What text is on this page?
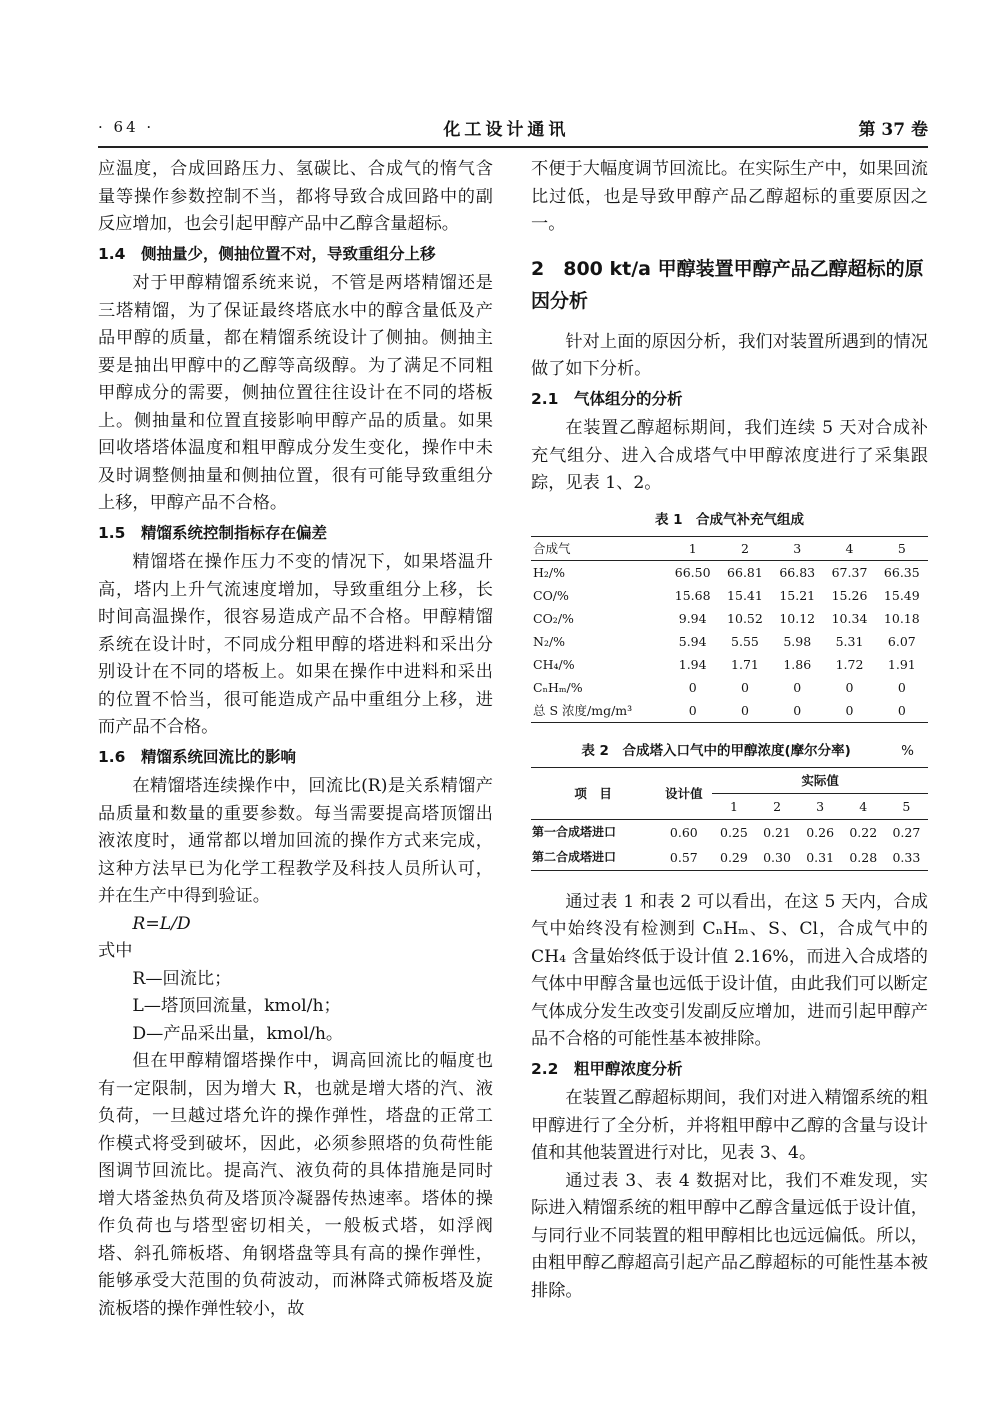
· 64 ·	化工设计通讯	第 37 卷

应温度，合成回路压力、氢碳比、合成气的惰气含量等操作参数控制不当，都将导致合成回路中的副反应增加，也会引起甲醇产品中乙醇含量超标。

1.4　侧抽量少，侧抽位置不对，导致重组分上移

对于甲醇精馏系统来说，不管是两塔精馏还是三塔精馏，为了保证最终塔底水中的醇含量低及产品甲醇的质量，都在精馏系统设计了侧抽。侧抽主要是抽出甲醇中的乙醇等高级醇。为了满足不同粗甲醇成分的需要，侧抽位置往往设计在不同的塔板上。侧抽量和位置直接影响甲醇产品的质量。如果回收塔塔体温度和粗甲醇成分发生变化，操作中未及时调整侧抽量和侧抽位置，很有可能导致重组分上移，甲醇产品不合格。

1.5　精馏系统控制指标存在偏差

精馏塔在操作压力不变的情况下，如果塔温升高，塔内上升气流速度增加，导致重组分上移，长时间高温操作，很容易造成产品不合格。甲醇精馏系统在设计时，不同成分粗甲醇的塔进料和采出分别设计在不同的塔板上。如果在操作中进料和采出的位置不恰当，很可能造成产品中重组分上移，进而产品不合格。

1.6　精馏系统回流比的影响

在精馏塔连续操作中，回流比(R)是关系精馏产品质量和数量的重要参数。每当需要提高塔顶馏出液浓度时，通常都以增加回流的操作方式来完成，这种方法早已为化学工程教学及科技人员所认可，并在生产中得到验证。

R=L/D

式中

R—回流比；

L—塔顶回流量，kmol/h；

D—产品采出量，kmol/h。

但在甲醇精馏塔操作中，调高回流比的幅度也有一定限制，因为增大 R，也就是增大塔的汽、液负荷，一旦越过塔允许的操作弹性，塔盘的正常工作模式将受到破坏，因此，必须参照塔的负荷性能图调节回流比。提高汽、液负荷的具体措施是同时增大塔釜热负荷及塔顶冷凝器传热速率。塔体的操作负荷也与塔型密切相关，一般板式塔，如浮阀塔、斜孔筛板塔、角钢塔盘等具有高的操作弹性，能够承受大范围的负荷波动，而淋降式筛板塔及旋流板塔的操作弹性较小，故

不便于大幅度调节回流比。在实际生产中，如果回流比过低，也是导致甲醇产品乙醇超标的重要原因之一。

2　800 kt/a 甲醇装置甲醇产品乙醇超标的原因分析

针对上面的原因分析，我们对装置所遇到的情况做了如下分析。

2.1　气体组分的分析

在装置乙醇超标期间，我们连续 5 天对合成补充气组分、进入合成塔气中甲醇浓度进行了采集跟踪，见表 1、2。

表 1　合成气补充气组成
合成气	1	2	3	4	5
H₂/%	66.50	66.81	66.83	67.37	66.35
CO/%	15.68	15.41	15.21	15.26	15.49
CO₂/%	9.94	10.52	10.12	10.34	10.18
N₂/%	5.94	5.55	5.98	5.31	6.07
CH₄/%	1.94	1.71	1.86	1.72	1.91
CₙHₘ/%	0	0	0	0	0
总 S 浓度/mg/m³	0	0	0	0	0
表 2　合成塔入口气中的甲醇浓度(摩尔分率)	%
项　目	设计值	实际值				
		1	2	3	4	5
第一合成塔进口	0.60	0.25	0.21	0.26	0.22	0.27
第二合成塔进口	0.57	0.29	0.30	0.31	0.28	0.33

通过表 1 和表 2 可以看出，在这 5 天内，合成气中始终没有检测到 CₙHₘ、S、Cl，合成气中的 CH₄ 含量始终低于设计值 2.16%，而进入合成塔的气体中甲醇含量也远低于设计值，由此我们可以断定气体成分发生改变引发副反应增加，进而引起甲醇产品不合格的可能性基本被排除。

2.2　粗甲醇浓度分析

在装置乙醇超标期间，我们对进入精馏系统的粗甲醇进行了全分析，并将粗甲醇中乙醇的含量与设计值和其他装置进行对比，见表 3、4。

通过表 3、表 4 数据对比，我们不难发现，实际进入精馏系统的粗甲醇中乙醇含量远低于设计值，与同行业不同装置的粗甲醇相比也远远偏低。所以，由粗甲醇乙醇超高引起产品乙醇超标的可能性基本被排除。
